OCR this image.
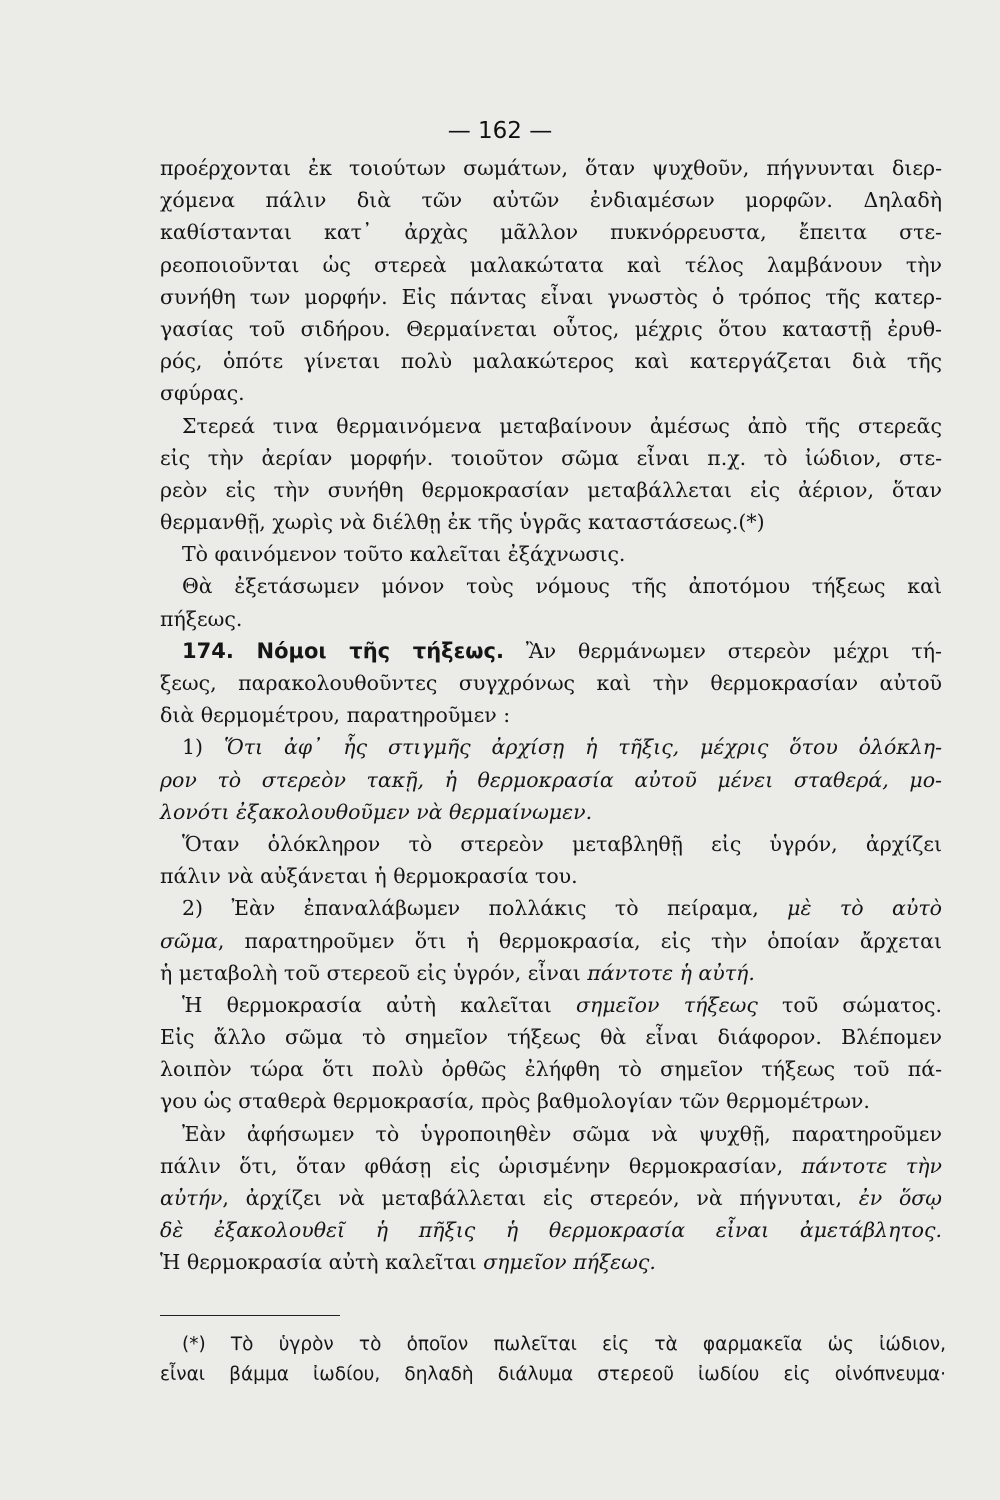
— 162 —
προέρχονται ἐκ τοιούτων σωμάτων, ὅταν ψυχθοῦν, πήγνυνται διερ-
χόμενα πάλιν διὰ τῶν αὐτῶν ἐνδιαμέσων μορφῶν. Δηλαδὴ
καθίστανται κατ᾽ ἀρχὰς μᾶλλον πυκνόρρευστα, ἔπειτα στε-
ρεοποιοῦνται ὡς στερεὰ μαλακώτατα καὶ τέλος λαμβάνουν τὴν
συνήθη των μορφήν. Εἰς πάντας εἶναι γνωστὸς ὁ τρόπος τῆς κατερ-
γασίας τοῦ σιδήρου. Θερμαίνεται οὗτος, μέχρις ὅτου καταστῇ ἐρυθ-
ρός, ὁπότε γίνεται πολὺ μαλακώτερος καὶ κατεργάζεται διὰ τῆς
σφύρας.
Στερεά τινα θερμαινόμενα μεταβαίνουν ἀμέσως ἀπὸ τῆς στερεᾶς
εἰς τὴν ἀερίαν μορφήν. τοιοῦτον σῶμα εἶναι π.χ. τὸ ἰώδιον, στε-
ρεὸν εἰς τὴν συνήθη θερμοκρασίαν μεταβάλλεται εἰς ἀέριον, ὅταν
θερμανθῇ, χωρὶς νὰ διέλθῃ ἐκ τῆς ὑγρᾶς καταστάσεως.(*)
Τὸ φαινόμενον τοῦτο καλεῖται ἐξάχνωσις.
Θὰ ἐξετάσωμεν μόνον τοὺς νόμους τῆς ἀποτόμου τήξεως καὶ
πήξεως.
174. Νόμοι τῆς τήξεως. Ἂν θερμάνωμεν στερεὸν μέχρι τή-
ξεως, παρακολουθοῦντες συγχρόνως καὶ τὴν θερμοκρασίαν αὐτοῦ
διὰ θερμομέτρου, παρατηροῦμεν :
1) Ὅτι ἀφ᾽ ἧς στιγμῆς ἀρχίσῃ ἡ τῆξις, μέχρις ὅτου ὁλόκλη-
ρον τὸ στερεὸν τακῇ, ἡ θερμοκρασία αὐτοῦ μένει σταθερά, μο-
λονότι ἐξακολουθοῦμεν νὰ θερμαίνωμεν.
Ὅταν ὁλόκληρον τὸ στερεὸν μεταβληθῇ εἰς ὑγρόν, ἀρχίζει
πάλιν νὰ αὐξάνεται ἡ θερμοκρασία του.
2) Ἐὰν ἐπαναλάβωμεν πολλάκις τὸ πείραμα, μὲ τὸ αὐτὸ
σῶμα, παρατηροῦμεν ὅτι ἡ θερμοκρασία, εἰς τὴν ὁποίαν ἄρχεται
ἡ μεταβολὴ τοῦ στερεοῦ εἰς ὑγρόν, εἶναι πάντοτε ἡ αὐτή.
Ἡ θερμοκρασία αὐτὴ καλεῖται σημεῖον τήξεως τοῦ σώματος.
Εἰς ἄλλο σῶμα τὸ σημεῖον τήξεως θὰ εἶναι διάφορον. Βλέπομεν
λοιπὸν τώρα ὅτι πολὺ ὀρθῶς ἐλήφθη τὸ σημεῖον τήξεως τοῦ πά-
γου ὡς σταθερὰ θερμοκρασία, πρὸς βαθμολογίαν τῶν θερμομέτρων.
Ἐὰν ἀφήσωμεν τὸ ὑγροποιηθὲν σῶμα νὰ ψυχθῇ, παρατηροῦμεν
πάλιν ὅτι, ὅταν φθάσῃ εἰς ὡρισμένην θερμοκρασίαν, πάντοτε τὴν
αὐτήν, ἀρχίζει νὰ μεταβάλλεται εἰς στερεόν, νὰ πήγνυται, ἐν ὅσῳ
δὲ ἐξακολουθεῖ ἡ πῆξις ἡ θερμοκρασία εἶναι ἀμετάβλητος.
Ἡ θερμοκρασία αὐτὴ καλεῖται σημεῖον πήξεως.
(*) Τὸ ὑγρὸν τὸ ὁποῖον πωλεῖται εἰς τὰ φαρμακεῖα ὡς ἰώδιον,
εἶναι βάμμα ἰωδίου, δηλαδὴ διάλυμα στερεοῦ ἰωδίου εἰς οἰνόπνευμα·
